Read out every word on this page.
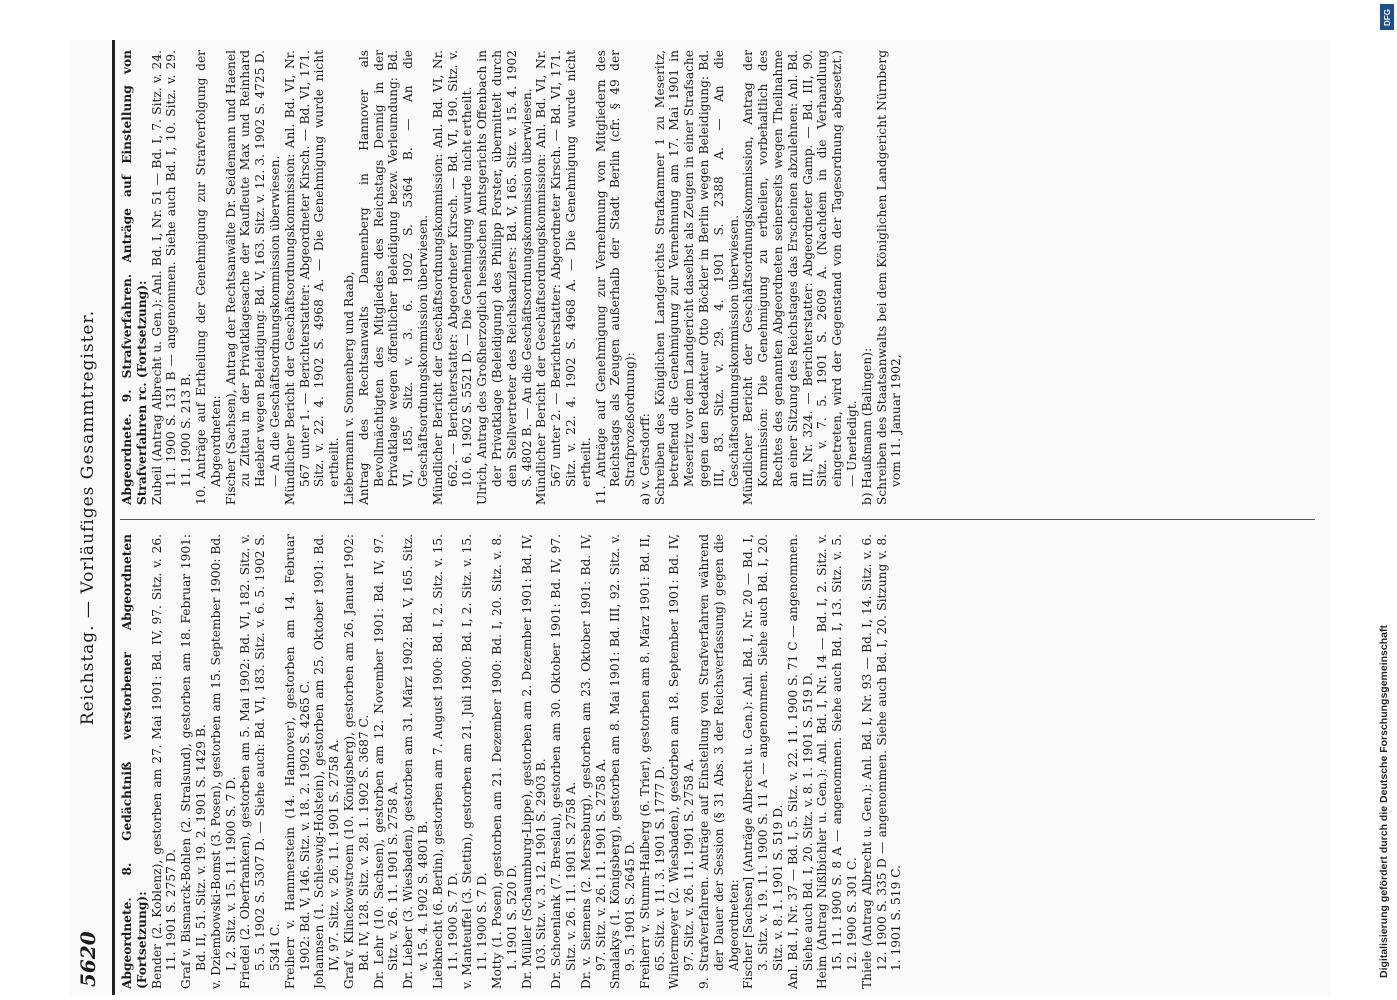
5620
Reichstag. — Vorläufiges Gesammtregister.

Abgeordnete. 8. Gedächtniß verstorbener Abgeordneten (Fortsetzung): Bender (2. Koblenz), gestorben am 27. Mai 1901: Bd. IV, 97. Sitz. v. 26. 11. 1901 S. 2757 D. Graf v. Bismarck-Bohlen (2. Stralsund), gestorben am 18. Februar 1901: Bd. II, 51. Sitz. v. 19. 2. 1901 S. 1429 B. v. Dziembowski-Bomst (3. Posen), gestorben am 15. September 1900: Bd. I, 2. Sitz. v. 15. 11. 1900 S. 7 D. Friedel (2. Oberfranken), gestorben am 5. Mai 1902: Bd. VI, 182. Sitz. v. 5. 5. 1902 S. 5307 D. — Siehe auch: Bd. VI, 183. Sitz. v. 6. 5. 1902 S. 5341 C. Freiherr v. Hammerstein (14. Hannover), gestorben am 14. Februar 1902: Bd. V, 146. Sitz. v. 18. 2. 1902 S. 4265 C. Johannsen (1. Schleswig-Holstein), gestorben am 25. Oktober 1901: Bd. IV, 97. Sitz. v. 26. 11. 1901 S. 2758 A. Graf v. Klinckowstroem (10. Königsberg), gestorben am 26. Januar 1902: Bd. IV, 128. Sitz. v. 28. 1. 1902 S. 3687 C. Dr. Lehr (10. Sachsen), gestorben am 12. November 1901: Bd. IV, 97. Sitz. v. 26. 11. 1901 S. 2758 A. Dr. Lieber (3. Wiesbaden), gestorben am 31. März 1902: Bd. V, 165. Sitz. v. 15. 4. 1902 S. 4801 B. Liebknecht (6. Berlin), gestorben am 7. August 1900: Bd. I, 2. Sitz. v. 15. 11. 1900 S. 7 D. v. Manteuffel (3. Stettin), gestorben am 21. Juli 1900: Bd. I, 2. Sitz. v. 15. 11. 1900 S. 7 D. Motty (1. Posen), gestorben am 21. Dezember 1900: Bd. I, 20. Sitz. v. 8. 1. 1901 S. 520 D. Dr. Müller (Schaumburg-Lippe), gestorben am 2. Dezember 1901: Bd. IV, 103. Sitz. v. 3. 12. 1901 S. 2903 B. Dr. Schoenlank (7. Breslau), gestorben am 30. Oktober 1901: Bd. IV, 97. Sitz. v. 26. 11. 1901 S. 2758 A. Dr. v. Siemens (2. Merseburg), gestorben am 23. Oktober 1901: Bd. IV, 97. Sitz. v. 26. 11. 1901 S. 2758 A. Smalakys (1. Königsberg), gestorben am 8. Mai 1901: Bd. III, 92. Sitz. v. 9. 5. 1901 S. 2645 D. Freiherr v. Stumm-Halberg (6. Trier), gestorben am 8. März 1901: Bd. II, 65. Sitz. v. 11. 3. 1901 S. 1777 D. Wintermeyer (2. Wiesbaden), gestorben am 18. September 1901: Bd. IV, 97. Sitz. v. 26. 11. 1901 S. 2758 A. 9. Strafverfahren. Anträge auf Einstellung von Strafverfahren während der Dauer der Session (§ 31 Abs. 3 der Reichsverfassung) gegen die Abgeordneten: Fischer [Sachsen] (Anträge Albrecht u. Gen.): Anl. Bd. I, Nr. 20 — Bd. I, 3. Sitz. v. 19. 11. 1900 S. 11 A — angenommen. Siehe auch Bd. I, 20. Sitz. v. 8. 1. 1901 S. 519 D. Anl. Bd. I, Nr. 37 — Bd. I, 5. Sitz. v. 22. 11. 1900 S. 71 C — angenommen. Siehe auch Bd. I, 20. Sitz. v. 8. 1. 1901 S. 519 D. Heim (Antrag Nißlbichler u. Gen.): Anl. Bd. I, Nr. 14 — Bd. I, 2. Sitz. v. 15. 11. 1900 S. 8 A — angenommen. Siehe auch Bd. I, 13. Sitz. v. 5. 12. 1900 S. 301 C. Thiele (Antrag Albrecht u. Gen.): Anl. Bd. I, Nr. 93 — Bd. I, 14. Sitz. v. 6. 12. 1900 S. 335 D — angenommen. Siehe auch Bd. I, 20. Sitzung v. 8. 1. 1901 S. 519 C.

Abgeordnete. 9. Strafverfahren. Anträge auf Einstellung von Strafverfahren rc. (Fortsetzung): Zubeil (Antrag Albrecht u. Gen.): Anl. Bd. I, Nr. 51 — Bd. I, 7. Sitz. v. 24. 11. 1900 S. 131 B — angenommen. Siehe auch Bd. I, 10. Sitz. v. 29. 11. 1900 S. 213 B. 10. Anträge auf Ertheilung der Genehmigung zur Strafverfolgung der Abgeordneten: Fischer (Sachsen), Antrag der Rechtsanwälte Dr. Seidemann und Haenel zu Zittau in der Privatklagesache der Kaufleute Max und Reinhard Haebler wegen Beleidigung: Bd. V, 163. Sitz. v. 12. 3. 1902 S. 4725 D. — An die Geschäftsordnungskommission überwiesen. Mündlicher Bericht der Geschäftsordnungskommission: Anl. Bd. VI, Nr. 567 unter 1. — Berichterstatter: Abgeordneter Kirsch. — Bd. VI, 171. Sitz. v. 22. 4. 1902 S. 4968 A. — Die Genehmigung wurde nicht ertheilt. Liebermann v. Sonnenberg und Raab, Antrag des Rechtsanwalts Dannenberg in Hannover als Bevollmächtigten des Mitgliedes des Reichstags Dennig in der Privatklage wegen öffentlicher Beleidigung bezw. Verleumdung: Bd. VI, 185. Sitz. v. 3. 6. 1902 S. 5364 B. — An die Geschäftsordnungskommission überwiesen. Mündlicher Bericht der Geschäftsordnungskommission: Anl. Bd. VI, Nr. 662. — Berichterstatter: Abgeordneter Kirsch. — Bd. VI, 190. Sitz. v. 10. 6. 1902 S. 5521 D. — Die Genehmigung wurde nicht ertheilt. Ulrich, Antrag des Großherzoglich hessischen Amtsgerichts Offenbach in der Privatklage (Beleidigung) des Philipp Forster, übermittelt durch den Stellvertreter des Reichskanzlers: Bd. V, 165. Sitz. v. 15. 4. 1902 S. 4802 B. — An die Geschäftsordnungskommission überwiesen. Mündlicher Bericht der Geschäftsordnungskommission: Anl. Bd. VI, Nr. 567 unter 2. — Berichterstatter: Abgeordneter Kirsch. — Bd. VI, 171. Sitz. v. 22. 4. 1902 S. 4968 A. — Die Genehmigung wurde nicht ertheilt. 11. Anträge auf Genehmigung zur Vernehmung von Mitgliedern des Reichstags als Zeugen außerhalb der Stadt Berlin (cfr. § 49 der Strafprozeßordnung): a) v. Gersdorff: Schreiben des Königlichen Landgerichts Strafkammer 1 zu Meseritz, betreffend die Genehmigung zur Vernehmung am 17. Mai 1901 in Meseritz vor dem Landgericht daselbst als Zeugen in einer Strafsache gegen den Redakteur Otto Böckler in Berlin wegen Beleidigung: Bd. III, 83. Sitz. v. 29. 4. 1901 S. 2388 A. — An die Geschäftsordnungskommission überwiesen. Mündlicher Bericht der Geschäftsordnungskommission, Antrag der Kommission: Die Genehmigung zu ertheilen, vorbehaltlich des Rechtes des genannten Abgeordneten seinerseits wegen Theilnahme an einer Sitzung des Reichstages das Erscheinen abzulehnen: Anl. Bd. III, Nr. 324. — Berichterstatter: Abgeordneter Gamp. — Bd. III, 90. Sitz. v. 7. 5. 1901 S. 2609 A. (Nachdem in die Verhandlung eingetreten, wird der Gegenstand von der Tagesordnung abgesetzt.) — Unerledigt. b) Haußmann (Balingen): Schreiben des Staatsanwalts bei dem Königlichen Landgericht Nürnberg vom 11. Januar 1902,

Digitalisierung gefördert durch die Deutsche Forschungsgemeinschaft
DFG
